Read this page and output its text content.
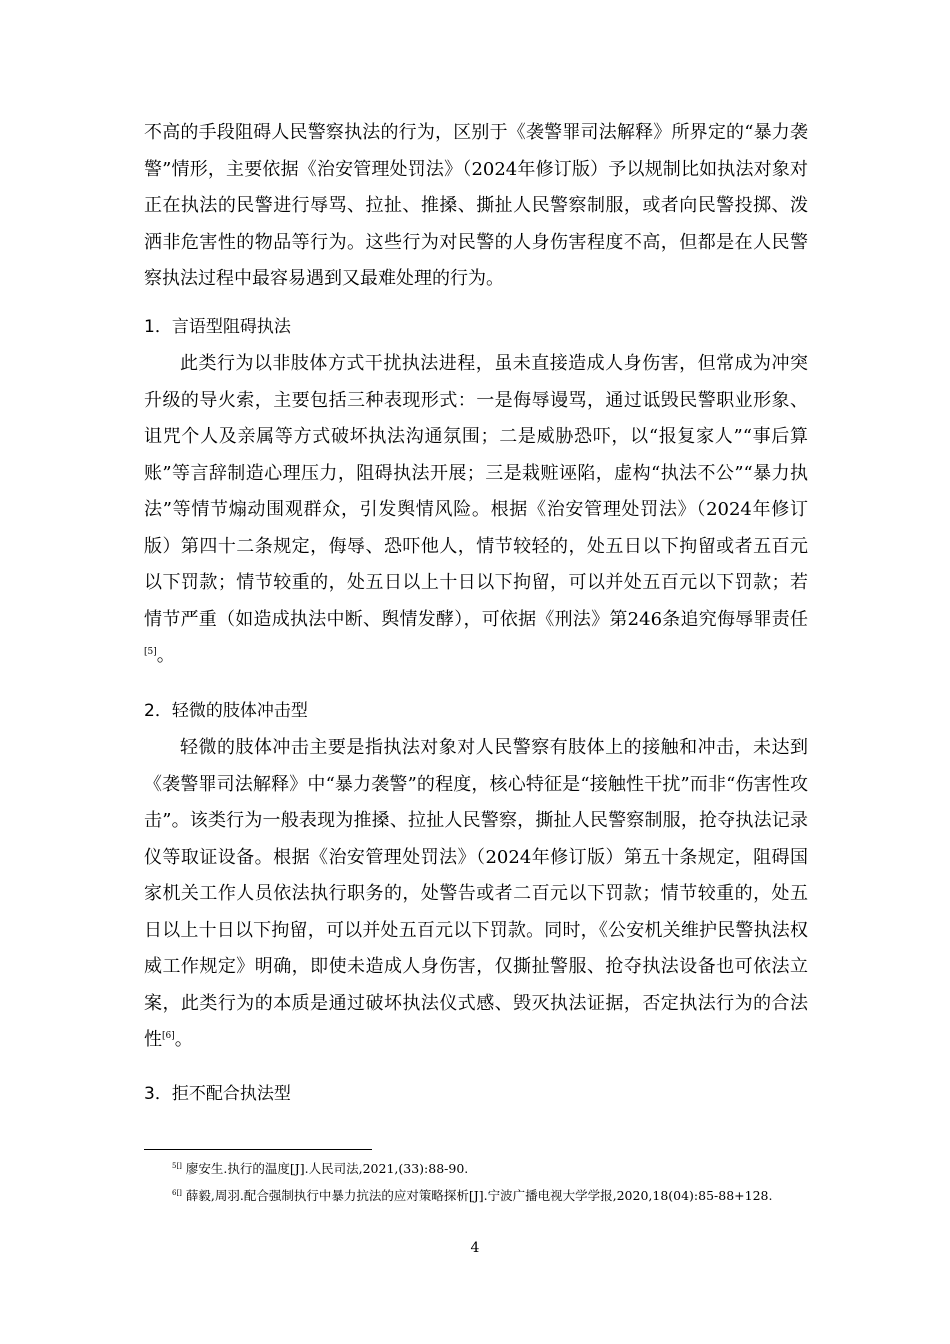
不高的手段阻碍人民警察执法的行为，区别于《袭警罪司法解释》所界定的“暴力袭警”情形，主要依据《治安管理处罚法》（2024年修订版）予以规制比如执法对象对正在执法的民警进行辱骂、拉扯、推搡、撕扯人民警察制服，或者向民警投掷、泼洒非危害性的物品等行为。这些行为对民警的人身伤害程度不高，但都是在人民警察执法过程中最容易遇到又最难处理的行为。

1．言语型阻碍执法

此类行为以非肢体方式干扰执法进程，虽未直接造成人身伤害，但常成为冲突升级的导火索，主要包括三种表现形式：一是侮辱谩骂，通过诋毁民警职业形象、诅咒个人及亲属等方式破坏执法沟通氛围；二是威胁恐吓，以“报复家人”“事后算账”等言辞制造心理压力，阻碍执法开展；三是栽赃诬陷，虚构“执法不公”“暴力执法”等情节煽动围观群众，引发舆情风险。根据《治安管理处罚法》（2024年修订版）第四十二条规定，侮辱、恐吓他人，情节较轻的，处五日以下拘留或者五百元以下罚款；情节较重的，处五日以上十日以下拘留，可以并处五百元以下罚款；若情节严重（如造成执法中断、舆情发酵），可依据《刑法》第246条追究侮辱罪责任[5]。

2．轻微的肢体冲击型

轻微的肢体冲击主要是指执法对象对人民警察有肢体上的接触和冲击，未达到《袭警罪司法解释》中“暴力袭警”的程度，核心特征是“接触性干扰”而非“伤害性攻击”。该类行为一般表现为推搡、拉扯人民警察，撕扯人民警察制服，抢夺执法记录仪等取证设备。根据《治安管理处罚法》（2024年修订版）第五十条规定，阻碍国家机关工作人员依法执行职务的，处警告或者二百元以下罚款；情节较重的，处五日以上十日以下拘留，可以并处五百元以下罚款。同时，《公安机关维护民警执法权威工作规定》明确，即使未造成人身伤害，仅撕扯警服、抢夺执法设备也可依法立案，此类行为的本质是通过破坏执法仪式感、毁灭执法证据，否定执法行为的合法性[6]。

3．拒不配合执法型

$^{5[]}$ 廖安生.执行的温度[J].人民司法,2021,(33):88-90.

$^{6[]}$ 薛毅,周羽.配合强制执行中暴力抗法的应对策略探析[J].宁波广播电视大学学报,2020,18(04):85-88+128.

4
